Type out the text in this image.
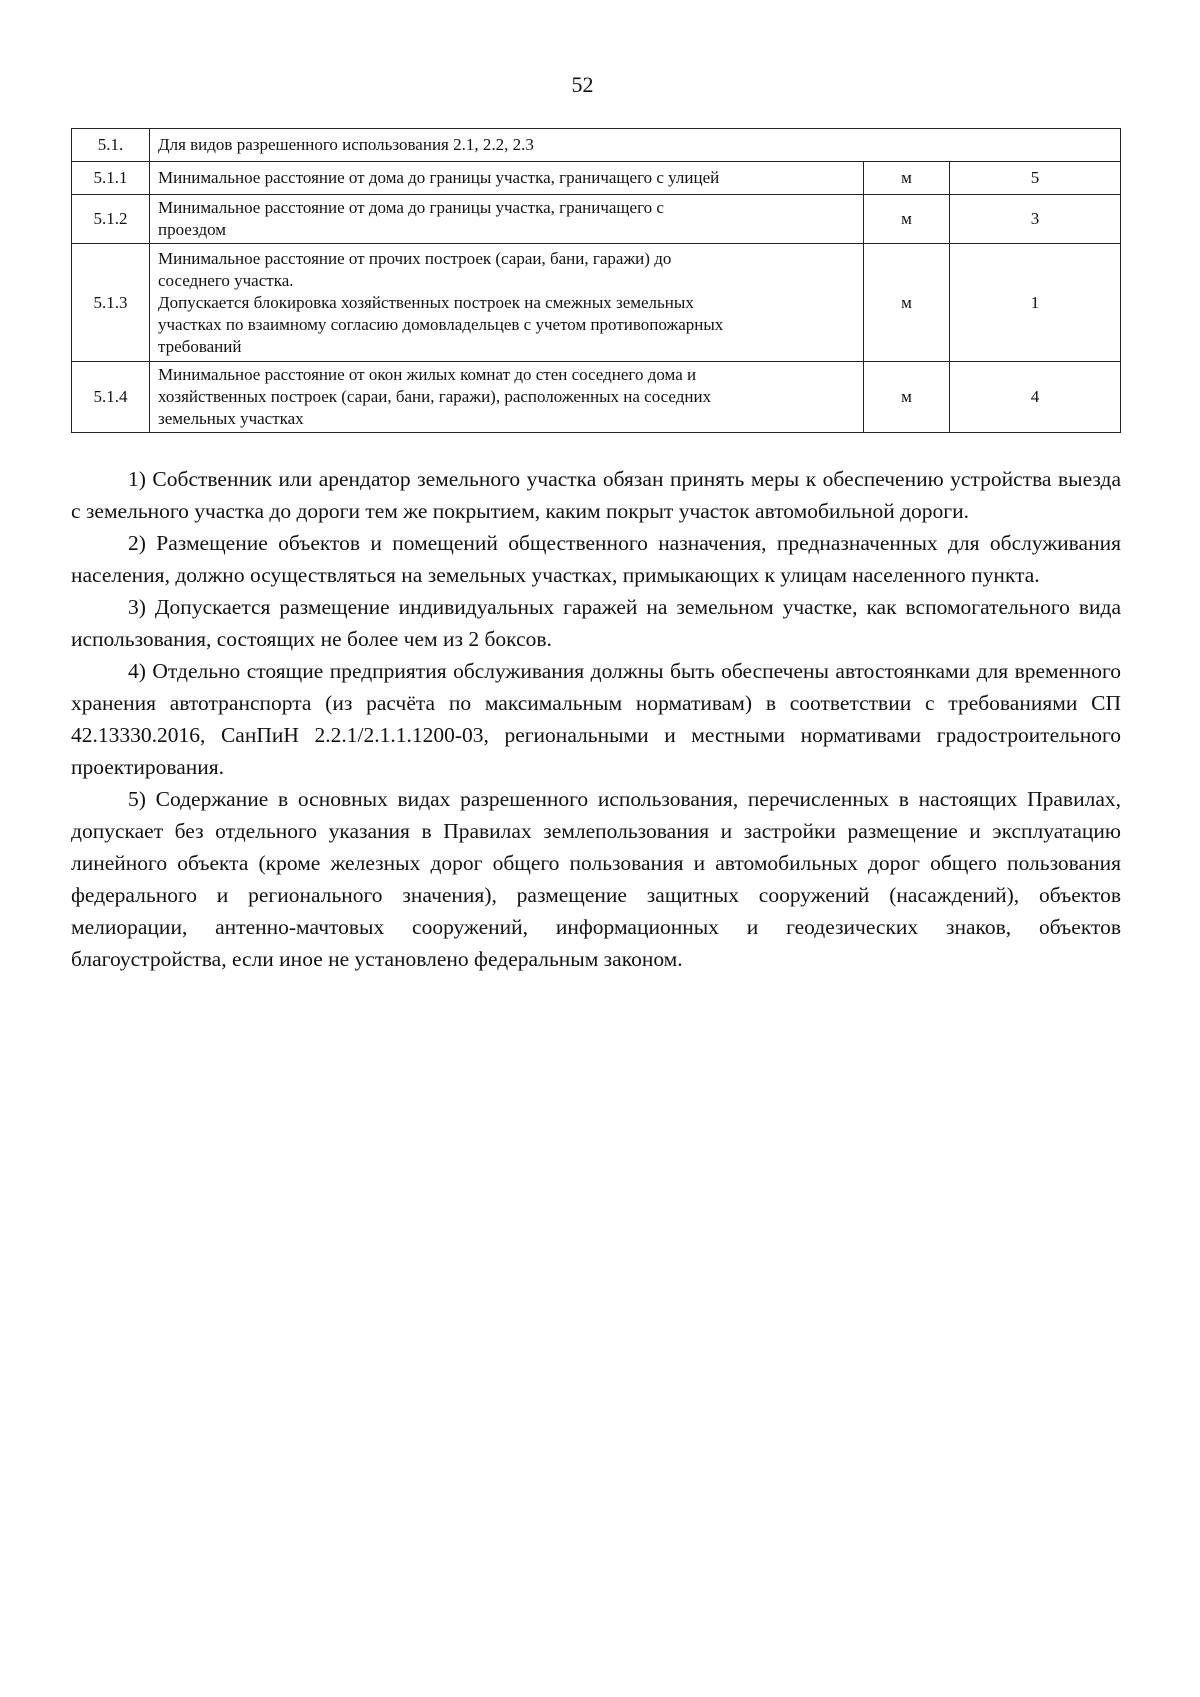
52
5.1.	Для видов разрешенного использования 2.1, 2.2, 2.3		
5.1.1	Минимальное расстояние от дома до границы участка, граничащего с улицей	м	5
5.1.2	Минимальное расстояние от дома до границы участка, граничащего с
проездом	м	3
5.1.3	Минимальное расстояние от прочих построек (сараи, бани, гаражи) до
соседнего участка.
Допускается блокировка хозяйственных построек на смежных земельных
участках по взаимному согласию домовладельцев с учетом противопожарных
требований	м	1
5.1.4	Минимальное расстояние от окон жилых комнат до стен соседнего дома и
хозяйственных построек (сараи, бани, гаражи), расположенных на соседних
земельных участках	м	4

1) Собственник или арендатор земельного участка обязан принять меры к обеспечению устройства выезда с земельного участка до дороги тем же покрытием, каким покрыт участок автомобильной дороги.

2) Размещение объектов и помещений общественного назначения, предназначенных для обслуживания населения, должно осуществляться на земельных участках, примыкающих к улицам населенного пункта.

3) Допускается размещение индивидуальных гаражей на земельном участке, как вспомогательного вида использования, состоящих не более чем из 2 боксов.

4) Отдельно стоящие предприятия обслуживания должны быть обеспечены автостоянками для временного хранения автотранспорта (из расчёта по максимальным нормативам) в соответствии с требованиями СП 42.13330.2016, СанПиН 2.2.1/2.1.1.1200-03, региональными и местными нормативами градостроительного проектирования.

5) Содержание в основных видах разрешенного использования, перечисленных в настоящих Правилах, допускает без отдельного указания в Правилах землепользования и застройки размещение и эксплуатацию линейного объекта (кроме железных дорог общего пользования и автомобильных дорог общего пользования федерального и регионального значения), размещение защитных сооружений (насаждений), объектов мелиорации, антенно-мачтовых сооружений, информационных и геодезических знаков, объектов благоустройства, если иное не установлено федеральным законом.
